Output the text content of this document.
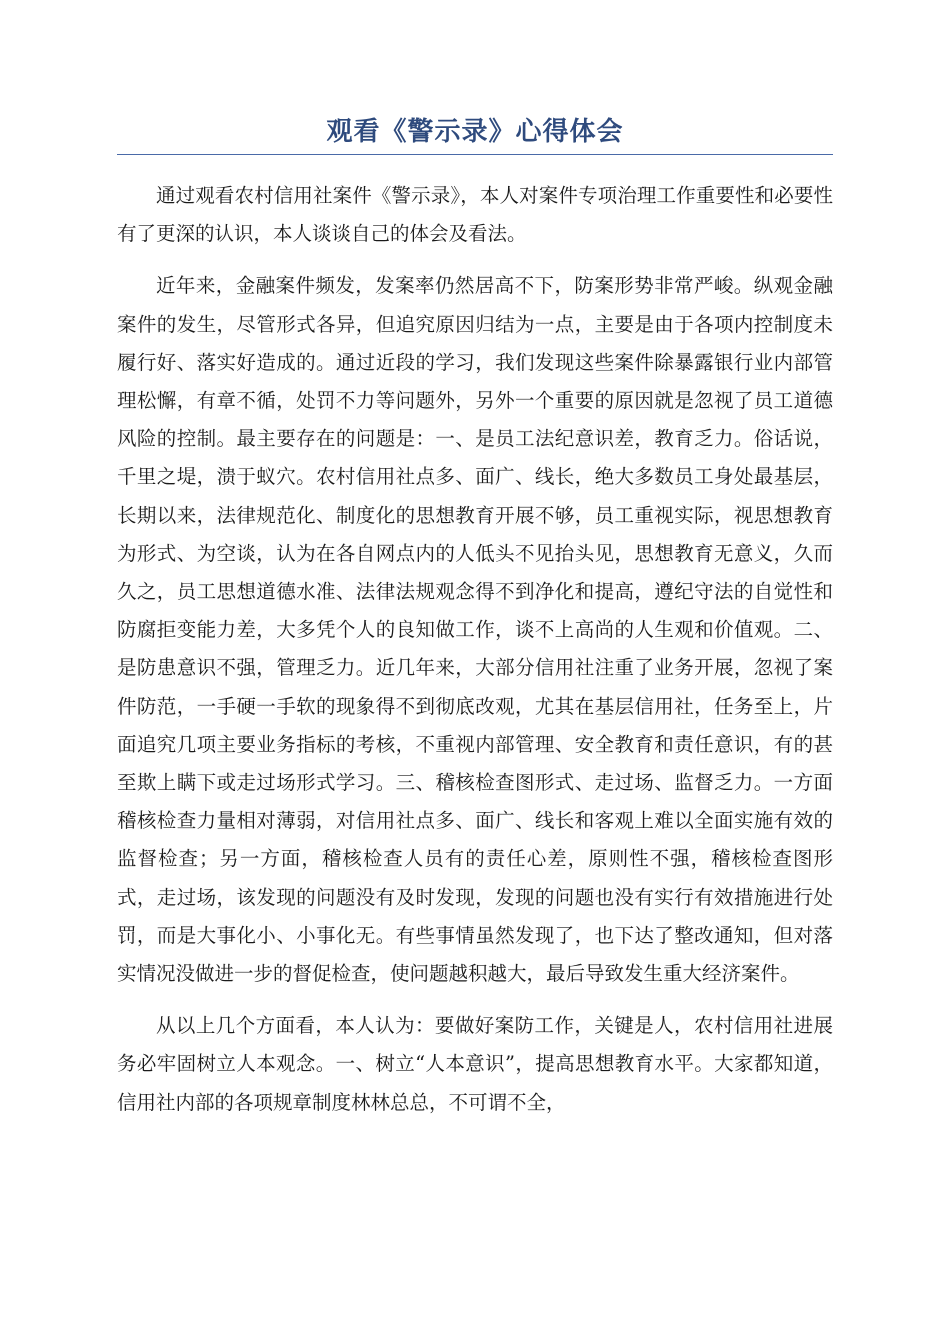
观看《警示录》心得体会

通过观看农村信用社案件《警示录》，本人对案件专项治理工作重要性和必要性有了更深的认识，本人谈谈自己的体会及看法。

近年来，金融案件频发，发案率仍然居高不下，防案形势非常严峻。纵观金融案件的发生，尽管形式各异，但追究原因归结为一点，主要是由于各项内控制度未履行好、落实好造成的。通过近段的学习，我们发现这些案件除暴露银行业内部管理松懈，有章不循，处罚不力等问题外，另外一个重要的原因就是忽视了员工道德风险的控制。最主要存在的问题是：一、是员工法纪意识差，教育乏力。俗话说，千里之堤，溃于蚁穴。农村信用社点多、面广、线长，绝大多数员工身处最基层，长期以来，法律规范化、制度化的思想教育开展不够，员工重视实际，视思想教育为形式、为空谈，认为在各自网点内的人低头不见抬头见，思想教育无意义，久而久之，员工思想道德水准、法律法规观念得不到净化和提高，遵纪守法的自觉性和防腐拒变能力差，大多凭个人的良知做工作，谈不上高尚的人生观和价值观。二、是防患意识不强，管理乏力。近几年来，大部分信用社注重了业务开展，忽视了案件防范，一手硬一手软的现象得不到彻底改观，尤其在基层信用社，任务至上，片面追究几项主要业务指标的考核，不重视内部管理、安全教育和责任意识，有的甚至欺上瞒下或走过场形式学习。三、稽核检查图形式、走过场、监督乏力。一方面稽核检查力量相对薄弱，对信用社点多、面广、线长和客观上难以全面实施有效的监督检查；另一方面，稽核检查人员有的责任心差，原则性不强，稽核检查图形式，走过场，该发现的问题没有及时发现，发现的问题也没有实行有效措施进行处罚，而是大事化小、小事化无。有些事情虽然发现了，也下达了整改通知，但对落实情况没做进一步的督促检查，使问题越积越大，最后导致发生重大经济案件。

从以上几个方面看，本人认为：要做好案防工作，关键是人，农村信用社进展务必牢固树立人本观念。一、树立“人本意识”，提高思想教育水平。大家都知道，信用社内部的各项规章制度林林总总，不可谓不全，
